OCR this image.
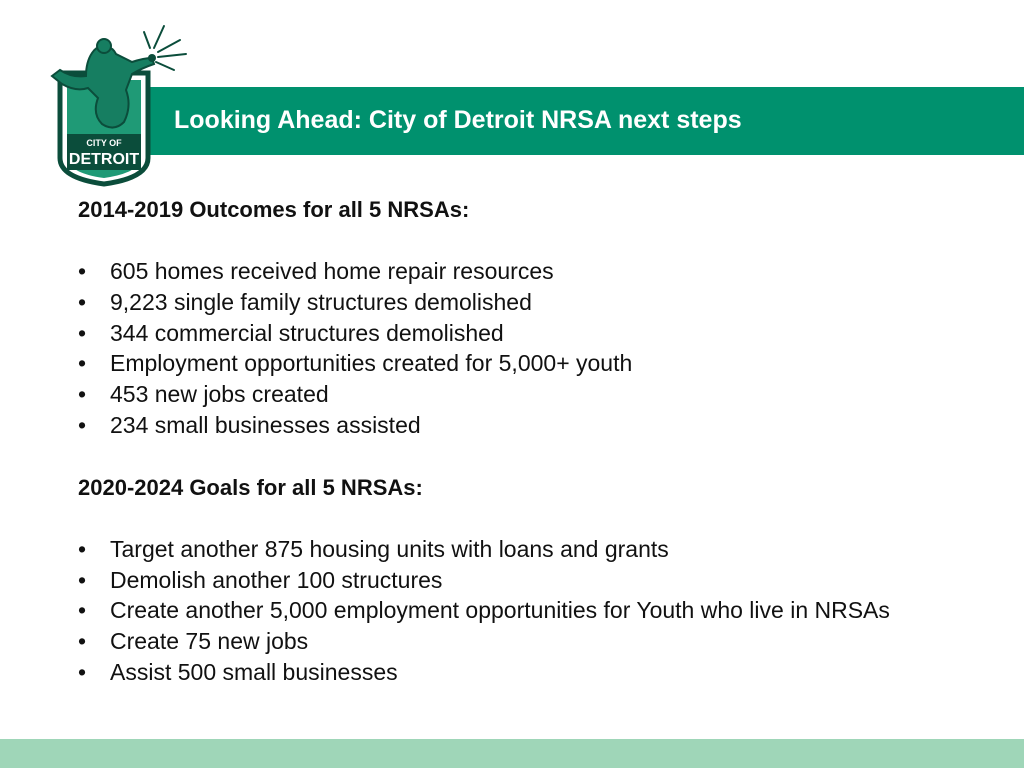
Looking Ahead: City of Detroit NRSA next steps
CITY OF
DETROIT
2014-2019 Outcomes for all 5 NRSAs:
• 605 homes received home repair resources
• 9,223 single family structures demolished
• 344 commercial structures demolished
• Employment opportunities created for 5,000+ youth
• 453 new jobs created
• 234 small businesses assisted
2020-2024 Goals for all 5 NRSAs:
• Target another 875 housing units with loans and grants
• Demolish another 100 structures
• Create another 5,000 employment opportunities for Youth who live in NRSAs
• Create 75 new jobs
• Assist 500 small businesses
